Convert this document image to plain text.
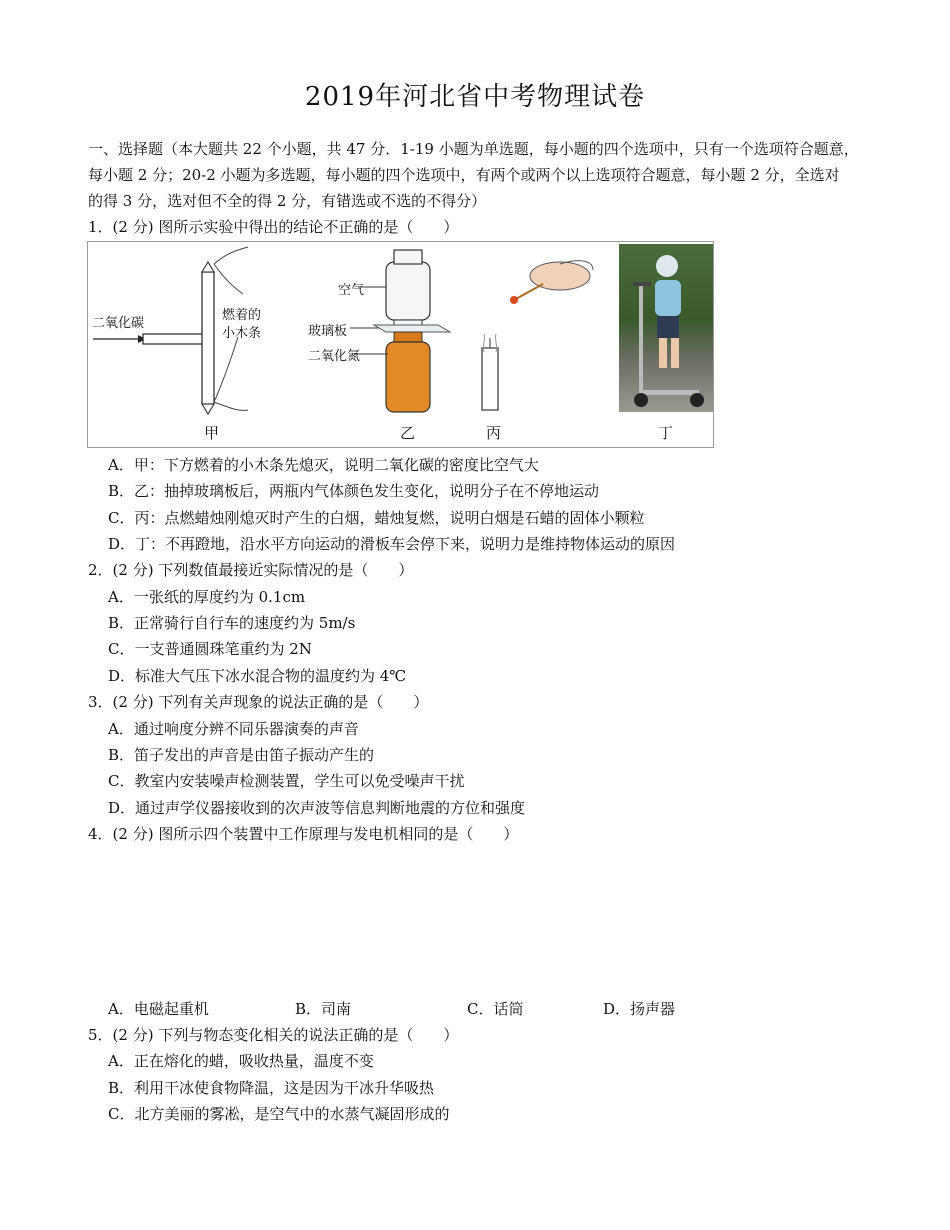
2019年河北省中考物理试卷
一、选择题（本大题共 22 个小题，共 47 分．1-19 小题为单选题，每小题的四个选项中，只有一个选项符合题意，
每小题 2 分；20-2 小题为多选题，每小题的四个选项中，有两个或两个以上选项符合题意，每小题 2 分，全选对
的得 3 分，选对但不全的得 2 分，有错选或不选的不得分）
1．(2 分) 图所示实验中得出的结论不正确的是（　　）
二氧化碳
燃着的
小木条
空气
玻璃板
二氧化氮
甲	乙	丙	丁
A．甲：下方燃着的小木条先熄灭，说明二氧化碳的密度比空气大
B．乙：抽掉玻璃板后，两瓶内气体颜色发生变化，说明分子在不停地运动
C．丙：点燃蜡烛刚熄灭时产生的白烟，蜡烛复燃，说明白烟是石蜡的固体小颗粒
D．丁：不再蹬地，沿水平方向运动的滑板车会停下来，说明力是维持物体运动的原因
2．(2 分) 下列数值最接近实际情况的是（　　）
A．一张纸的厚度约为 0.1cm
B．正常骑行自行车的速度约为 5m/s
C．一支普通圆珠笔重约为 2N
D．标准大气压下冰水混合物的温度约为 4℃
3．(2 分) 下列有关声现象的说法正确的是（　　）
A．通过响度分辨不同乐器演奏的声音
B．笛子发出的声音是由笛子振动产生的
C．教室内安装噪声检测装置，学生可以免受噪声干扰
D．通过声学仪器接收到的次声波等信息判断地震的方位和强度
4．(2 分) 图所示四个装置中工作原理与发电机相同的是（　　）
A．电磁起重机	B．司南	C．话筒	D．扬声器
5．(2 分) 下列与物态变化相关的说法正确的是（　　）
A．正在熔化的蜡，吸收热量，温度不变
B．利用干冰使食物降温，这是因为干冰升华吸热
C．北方美丽的雾凇，是空气中的水蒸气凝固形成的
